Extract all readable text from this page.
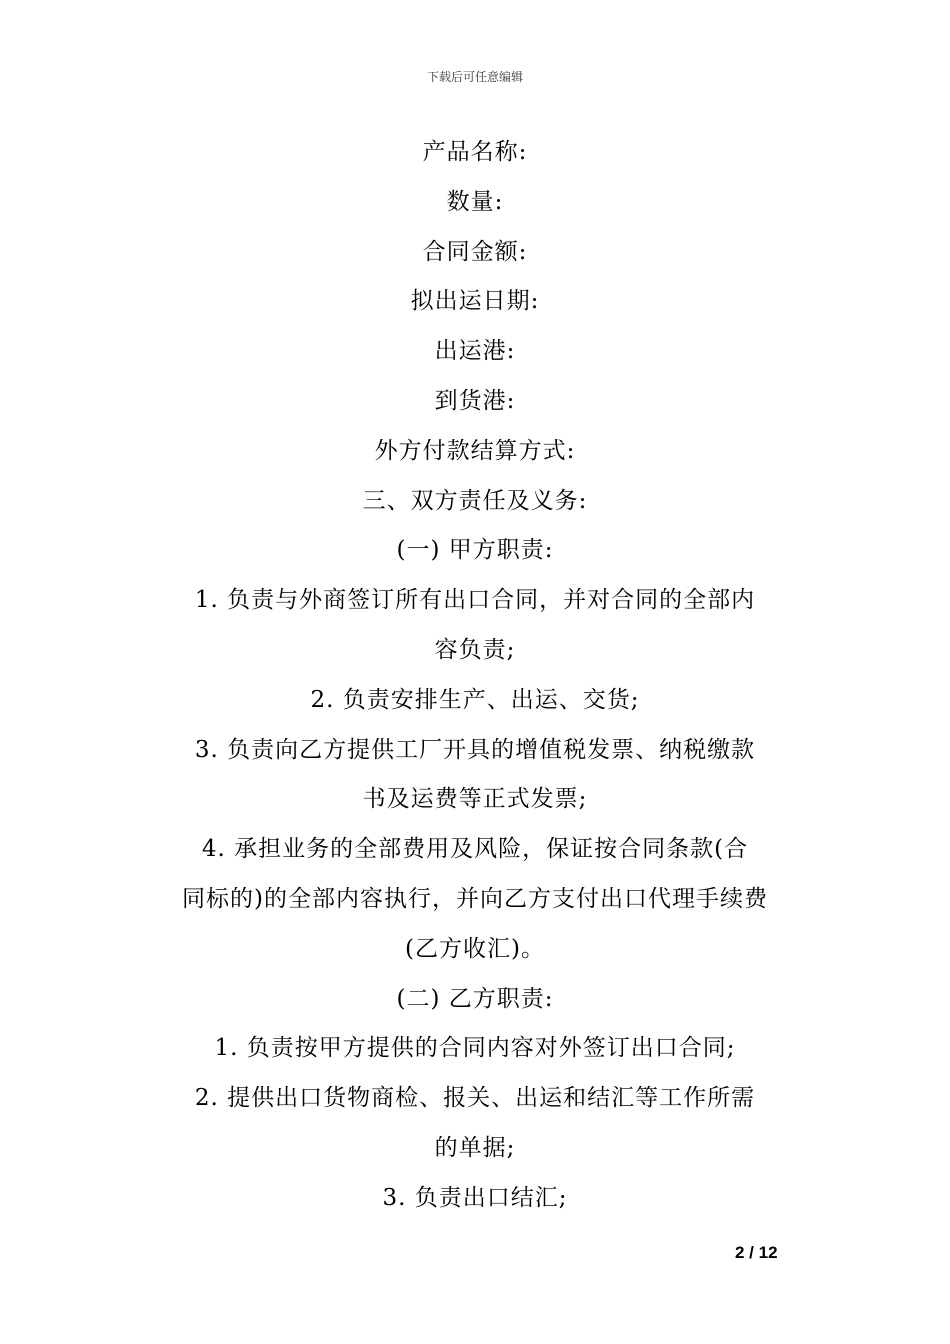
下载后可任意编辑
产品名称:
数量:
合同金额:
拟出运日期:
出运港:
到货港:
外方付款结算方式:
三、双方责任及义务:
(一) 甲方职责:
1. 负责与外商签订所有出口合同，并对合同的全部内
容负责;
2. 负责安排生产、出运、交货;
3. 负责向乙方提供工厂开具的增值税发票、纳税缴款
书及运费等正式发票;
4. 承担业务的全部费用及风险，保证按合同条款(合
同标的)的全部内容执行，并向乙方支付出口代理手续费
(乙方收汇)。
(二) 乙方职责:
1. 负责按甲方提供的合同内容对外签订出口合同;
2. 提供出口货物商检、报关、出运和结汇等工作所需
的单据;
3. 负责出口结汇;
2 / 12
